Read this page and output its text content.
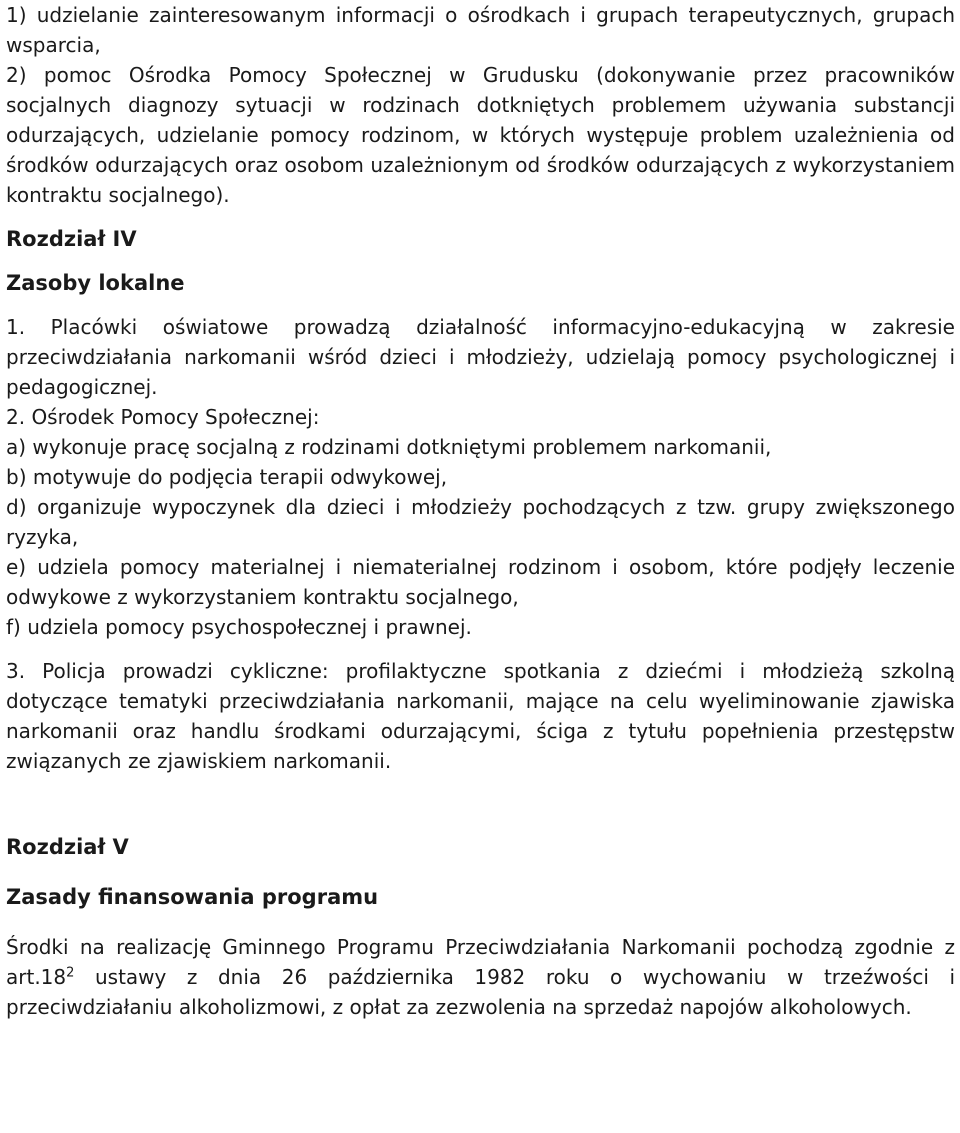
1) udzielanie zainteresowanym informacji o ośrodkach i grupach terapeutycznych, grupach wsparcia,

2) pomoc Ośrodka Pomocy Społecznej w Grudusku (dokonywanie przez pracowników socjalnych diagnozy sytuacji w rodzinach dotkniętych problemem używania substancji odurzających, udzielanie pomocy rodzinom, w których występuje problem uzależnienia od środków odurzających oraz osobom uzależnionym od środków odurzających z wykorzystaniem kontraktu socjalnego).

Rozdział IV
Zasoby lokalne

1. Placówki oświatowe prowadzą działalność informacyjno-edukacyjną w zakresie przeciwdziałania narkomanii wśród dzieci i młodzieży, udzielają pomocy psychologicznej i pedagogicznej.

2. Ośrodek Pomocy Społecznej:

a) wykonuje pracę socjalną z rodzinami dotkniętymi problemem narkomanii,

b) motywuje do podjęcia terapii odwykowej,

d) organizuje wypoczynek dla dzieci i młodzieży pochodzących z tzw. grupy zwiększonego ryzyka,

e) udziela pomocy materialnej i niematerialnej rodzinom i osobom, które podjęły leczenie odwykowe z wykorzystaniem kontraktu socjalnego,

f) udziela pomocy psychospołecznej i prawnej.

3. Policja prowadzi cykliczne: profilaktyczne spotkania z dziećmi i młodzieżą szkolną dotyczące tematyki przeciwdziałania narkomanii, mające na celu wyeliminowanie zjawiska narkomanii oraz handlu środkami odurzającymi, ściga z tytułu popełnienia przestępstw związanych ze zjawiskiem narkomanii.

Rozdział V
Zasady finansowania programu

Środki na realizację Gminnego Programu Przeciwdziałania Narkomanii pochodzą zgodnie z $art.18^2$ ustawy z dnia 26 października 1982 roku o wychowaniu w trzeźwości i przeciwdziałaniu alkoholizmowi, z opłat za zezwolenia na sprzedaż napojów alkoholowych.
